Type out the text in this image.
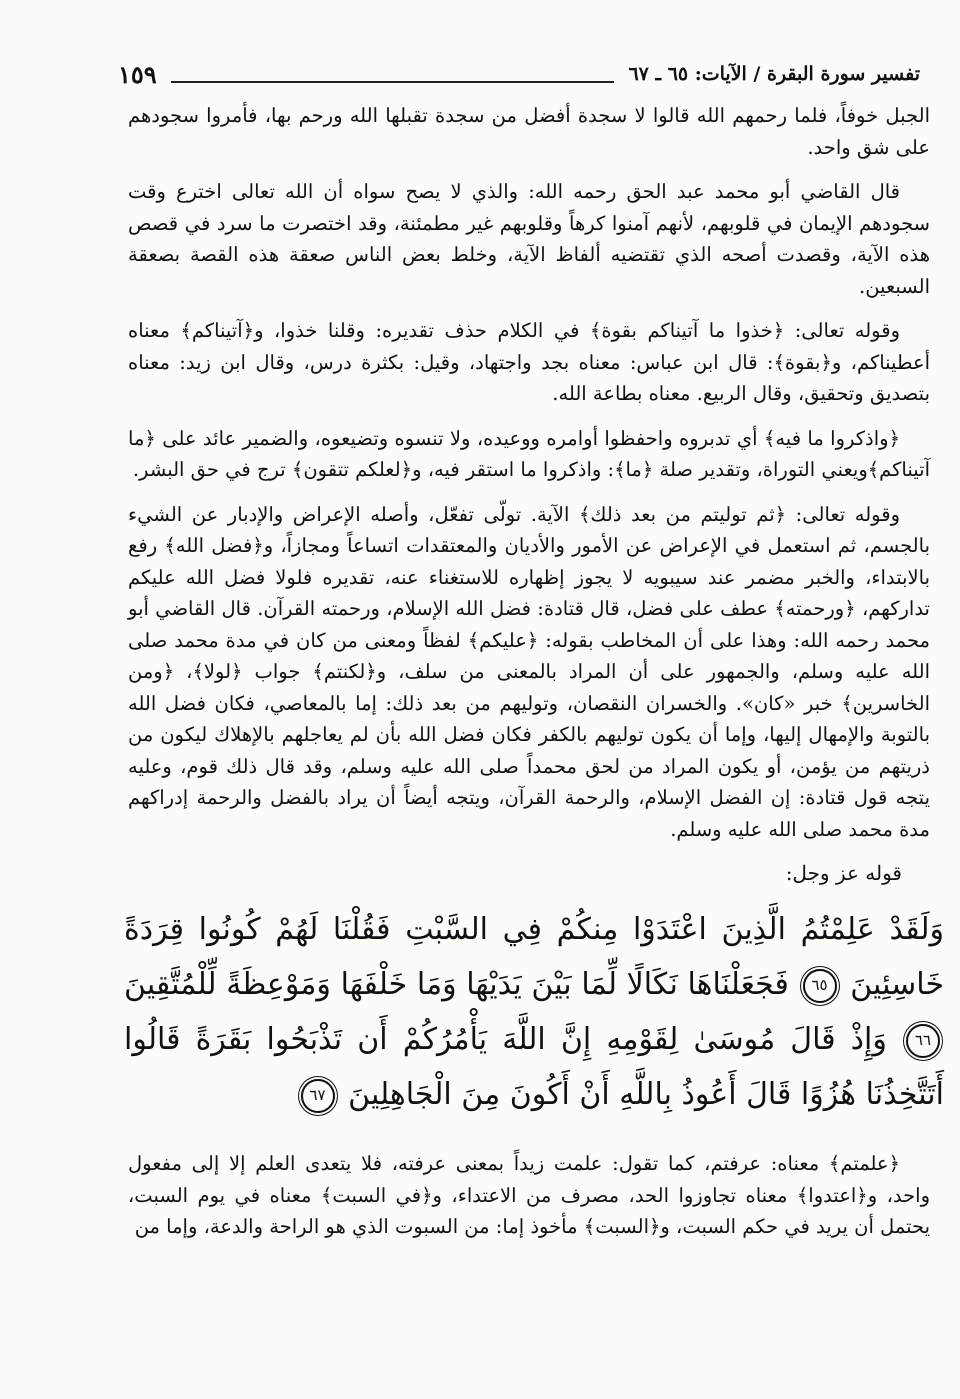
تفسير سورة البقرة / الآيات: ٦٥ ـ ٦٧
١٥٩

الجبل خوفاً، فلما رحمهم الله قالوا لا سجدة أفضل من سجدة تقبلها الله ورحم بها، فأمروا سجودهم على شق واحد.

قال القاضي أبو محمد عبد الحق رحمه الله: والذي لا يصح سواه أن الله تعالى اخترع وقت سجودهم الإيمان في قلوبهم، لأنهم آمنوا كرهاً وقلوبهم غير مطمئنة، وقد اختصرت ما سرد في قصص هذه الآية، وقصدت أصحه الذي تقتضيه ألفاظ الآية، وخلط بعض الناس صعقة هذه القصة بصعقة السبعين.

وقوله تعالى: ﴿خذوا ما آتيناكم بقوة﴾ في الكلام حذف تقديره: وقلنا خذوا، و﴿آتيناكم﴾ معناه أعطيناكم، و﴿بقوة﴾: قال ابن عباس: معناه بجد واجتهاد، وقيل: بكثرة درس، وقال ابن زيد: معناه بتصديق وتحقيق، وقال الربيع. معناه بطاعة الله.

﴿واذكروا ما فيه﴾ أي تدبروه واحفظوا أوامره ووعيده، ولا تنسوه وتضيعوه، والضمير عائد على ﴿ما آتيناكم﴾ويعني التوراة، وتقدير صلة ﴿ما﴾: واذكروا ما استقر فيه، و﴿لعلكم تتقون﴾ ترج في حق البشر.

وقوله تعالى: ﴿ثم توليتم من بعد ذلك﴾ الآية. تولّى تفعّل، وأصله الإعراض والإدبار عن الشيء بالجسم، ثم استعمل في الإعراض عن الأمور والأديان والمعتقدات اتساعاً ومجازاً، و﴿فضل الله﴾ رفع بالابتداء، والخبر مضمر عند سيبويه لا يجوز إظهاره للاستغناء عنه، تقديره فلولا فضل الله عليكم تداركهم، ﴿ورحمته﴾ عطف على فضل، قال قتادة: فضل الله الإسلام، ورحمته القرآن. قال القاضي أبو محمد رحمه الله: وهذا على أن المخاطب بقوله: ﴿عليكم﴾ لفظاً ومعنى من كان في مدة محمد صلى الله عليه وسلم، والجمهور على أن المراد بالمعنى من سلف، و﴿لكنتم﴾ جواب ﴿لولا﴾، ﴿ومن الخاسرين﴾ خبر «كان». والخسران النقصان، وتوليهم من بعد ذلك: إما بالمعاصي، فكان فضل الله بالتوبة والإمهال إليها، وإما أن يكون توليهم بالكفر فكان فضل الله بأن لم يعاجلهم بالإهلاك ليكون من ذريتهم من يؤمن، أو يكون المراد من لحق محمداً صلى الله عليه وسلم، وقد قال ذلك قوم، وعليه يتجه قول قتادة: إن الفضل الإسلام، والرحمة القرآن، ويتجه أيضاً أن يراد بالفضل والرحمة إدراكهم مدة محمد صلى الله عليه وسلم.

قوله عز وجل:

وَلَقَدْ عَلِمْتُمُ الَّذِينَ اعْتَدَوْا مِنكُمْ فِي السَّبْتِ فَقُلْنَا لَهُمْ كُونُوا قِرَدَةً خَاسِئِينَ ٦٥ فَجَعَلْنَاهَا نَكَالًا لِّمَا بَيْنَ يَدَيْهَا وَمَا خَلْفَهَا وَمَوْعِظَةً لِّلْمُتَّقِينَ ٦٦ وَإِذْ قَالَ مُوسَىٰ لِقَوْمِهِ إِنَّ اللَّهَ يَأْمُرُكُمْ أَن تَذْبَحُوا بَقَرَةً قَالُوا أَتَتَّخِذُنَا هُزُوًا قَالَ أَعُوذُ بِاللَّهِ أَنْ أَكُونَ مِنَ الْجَاهِلِينَ ٦٧

﴿علمتم﴾ معناه: عرفتم، كما تقول: علمت زيداً بمعنى عرفته، فلا يتعدى العلم إلا إلى مفعول واحد، و﴿اعتدوا﴾ معناه تجاوزوا الحد، مصرف من الاعتداء، و﴿في السبت﴾ معناه في يوم السبت، يحتمل أن يريد في حكم السبت، و﴿السبت﴾ مأخوذ إما: من السبوت الذي هو الراحة والدعة، وإما من
